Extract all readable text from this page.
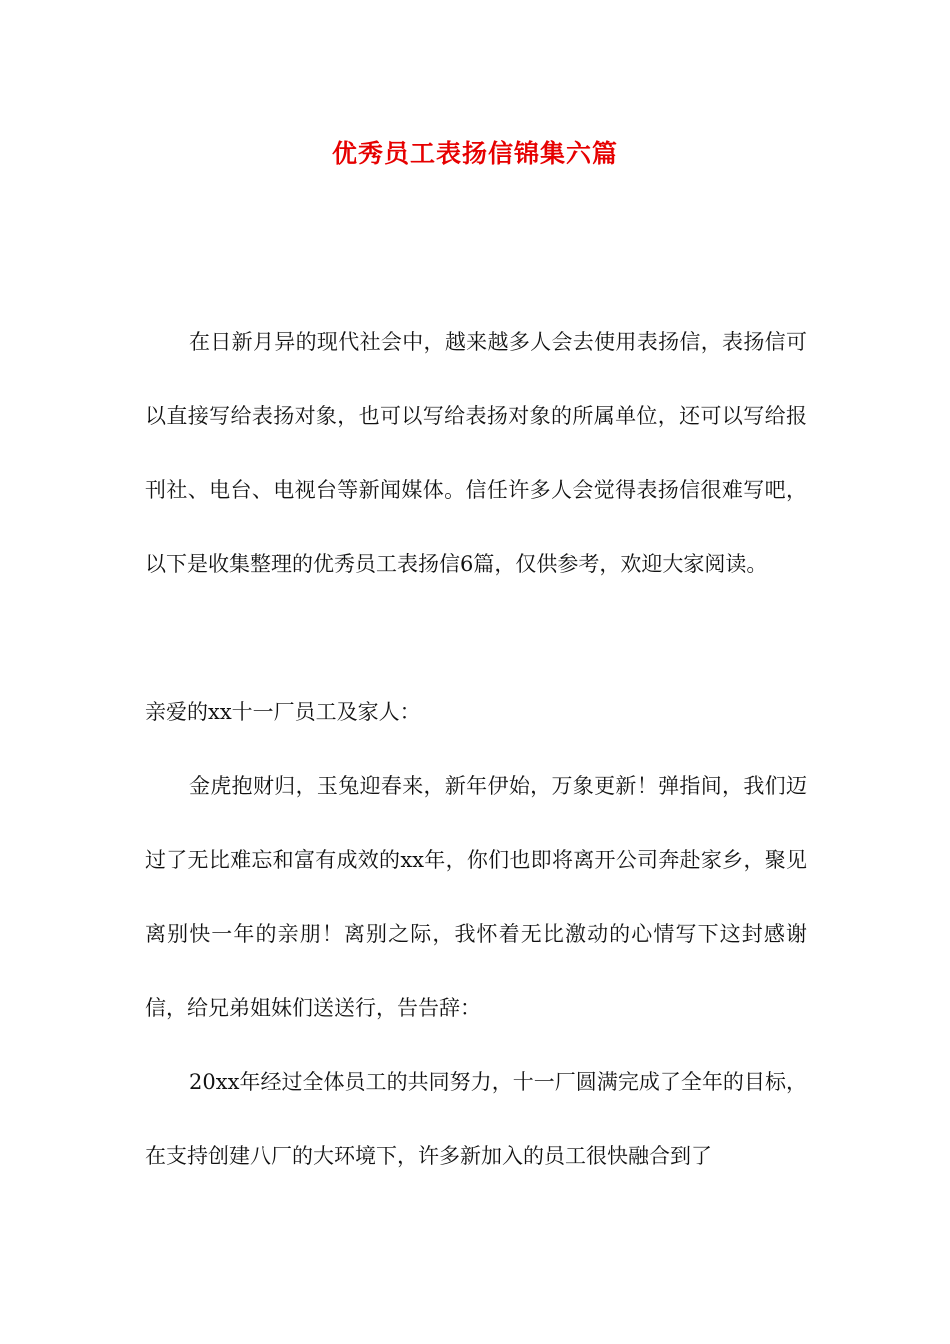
优秀员工表扬信锦集六篇

在日新月异的现代社会中，越来越多人会去使用表扬信，表扬信可以直接写给表扬对象，也可以写给表扬对象的所属单位，还可以写给报刊社、电台、电视台等新闻媒体。信任许多人会觉得表扬信很难写吧，以下是收集整理的优秀员工表扬信6篇，仅供参考，欢迎大家阅读。

亲爱的xx十一厂员工及家人：

金虎抱财归，玉兔迎春来，新年伊始，万象更新！弹指间，我们迈过了无比难忘和富有成效的xx年，你们也即将离开公司奔赴家乡，聚见离别快一年的亲朋！离别之际，我怀着无比激动的心情写下这封感谢信，给兄弟姐妹们送送行，告告辞：

20xx年经过全体员工的共同努力，十一厂圆满完成了全年的目标，在支持创建八厂的大环境下，许多新加入的员工很快融合到了
